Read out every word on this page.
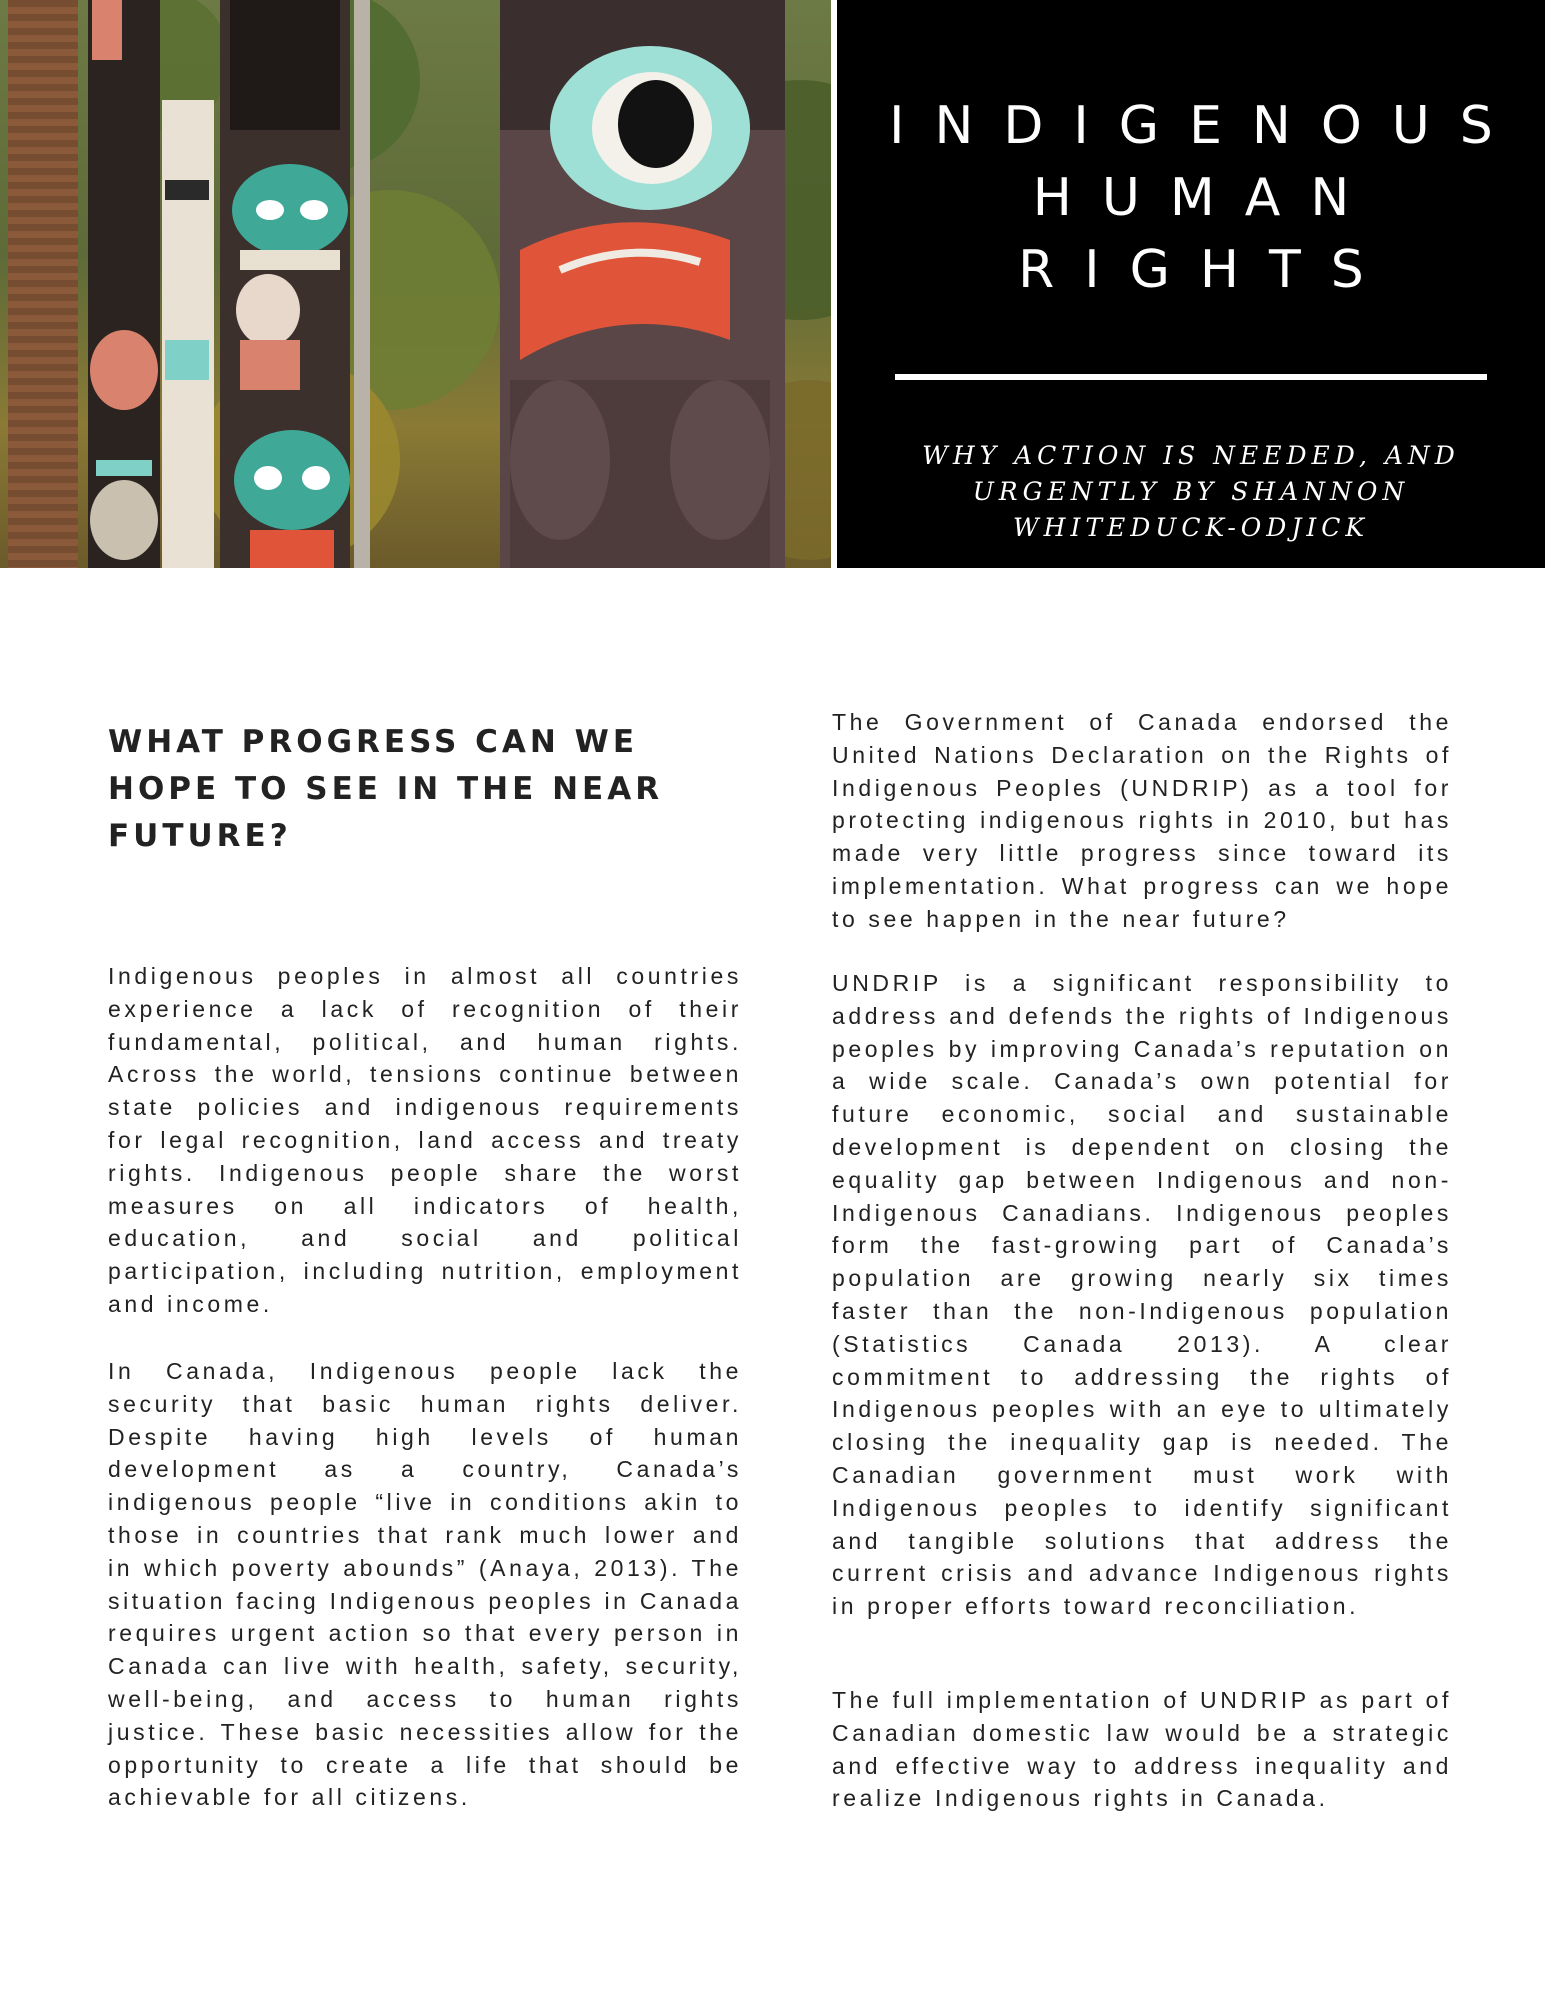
INDIGENOUS
HUMAN
RIGHTS
WHY ACTION IS NEEDED, AND URGENTLY BY SHANNON WHITEDUCK-ODJICK
WHAT PROGRESS CAN WE HOPE TO SEE IN THE NEAR FUTURE?

Indigenous peoples in almost all countries experience a lack of recognition of their fundamental, political, and human rights. Across the world, tensions continue between state policies and indigenous requirements for legal recognition, land access and treaty rights. Indigenous people share the worst measures on all indicators of health, education, and social and political participation, including nutrition, employment and income.

In Canada, Indigenous people lack the security that basic human rights deliver. Despite having high levels of human development as a country, Canada’s indigenous people “live in conditions akin to those in countries that rank much lower and in which poverty abounds” (Anaya, 2013). The situation facing Indigenous peoples in Canada requires urgent action so that every person in Canada can live with health, safety, security, well-being, and access to human rights justice. These basic necessities allow for the opportunity to create a life that should be achievable for all citizens.

The Government of Canada endorsed the United Nations Declaration on the Rights of Indigenous Peoples (UNDRIP) as a tool for protecting indigenous rights in 2010, but has made very little progress since toward its implementation. What progress can we hope to see happen in the near future?

UNDRIP is a significant responsibility to address and defends the rights of Indigenous peoples by improving Canada’s reputation on a wide scale. Canada’s own potential for future economic, social and sustainable development is dependent on closing the equality gap between Indigenous and non-Indigenous Canadians. Indigenous peoples form the fast-growing part of Canada’s population are growing nearly six times faster than the non-Indigenous population (Statistics Canada 2013). A clear commitment to addressing the rights of Indigenous peoples with an eye to ultimately closing the inequality gap is needed. The Canadian government must work with Indigenous peoples to identify significant and tangible solutions that address the current crisis and advance Indigenous rights in proper efforts toward reconciliation.

The full implementation of UNDRIP as part of Canadian domestic law would be a strategic and effective way to address inequality and realize Indigenous rights in Canada.
